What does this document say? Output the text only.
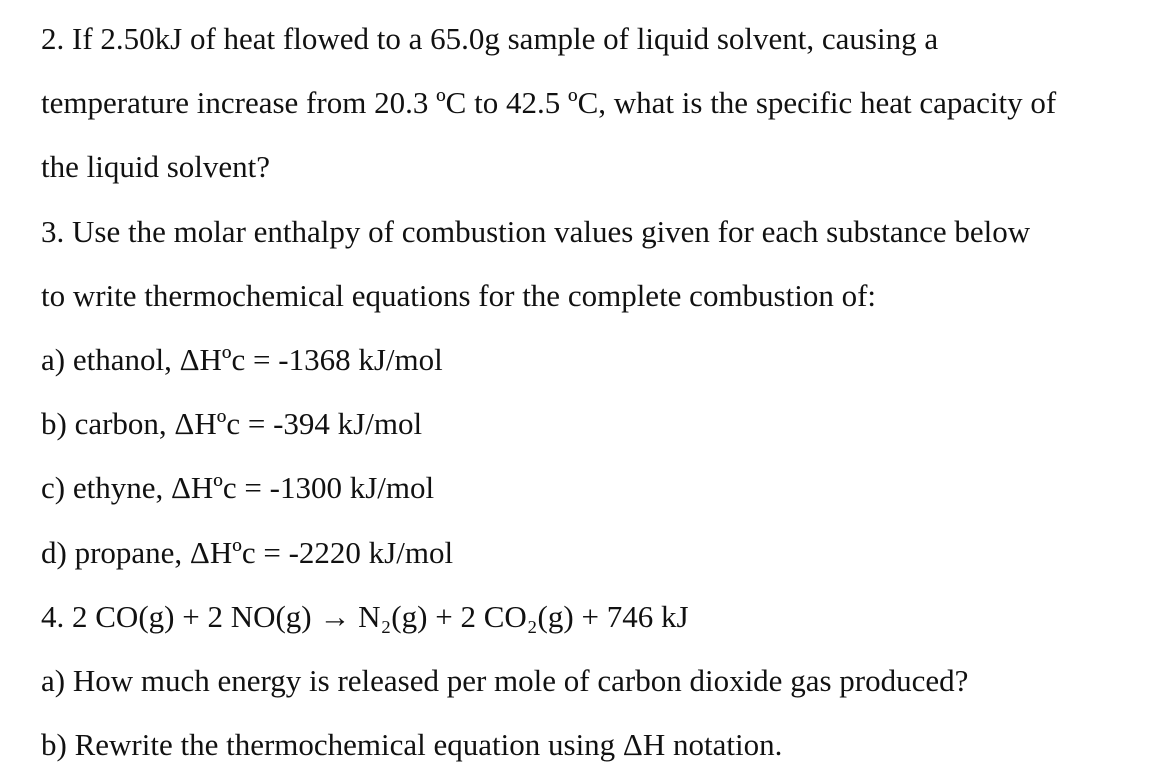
2. If 2.50kJ of heat flowed to a 65.0g sample of liquid solvent, causing a
temperature increase from 20.3 ºC to 42.5 ºC, what is the specific heat capacity of
the liquid solvent?
3. Use the molar enthalpy of combustion values given for each substance below
to write thermochemical equations for the complete combustion of:
a) ethanol, ΔHºc = -1368 kJ/mol
b) carbon, ΔHºc = -394 kJ/mol
c) ethyne, ΔHºc = -1300 kJ/mol
d) propane, ΔHºc = -2220 kJ/mol
4. 2 CO(g) + 2 NO(g) → N₂(g) + 2 CO₂(g) + 746 kJ
a) How much energy is released per mole of carbon dioxide gas produced?
b) Rewrite the thermochemical equation using ΔH notation.
